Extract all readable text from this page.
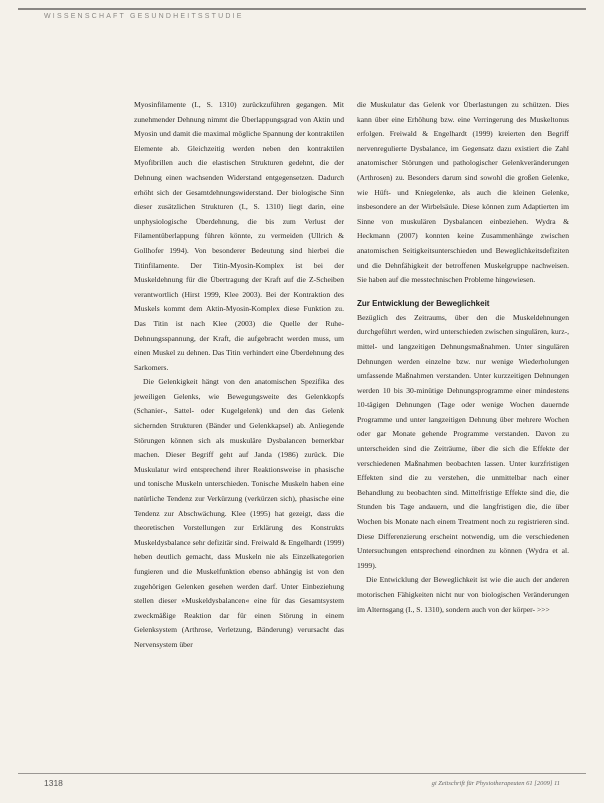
WISSENSCHAFT GESUNDHEITSSTUDIE

Myosinfilamente (I., S. 1310) zurückzuführen gegangen. Mit zunehmender Dehnung nimmt die Überlappungsgrad von Aktin und Myosin und damit die maximal mögliche Spannung der kontraktilen Elemente ab. Gleichzeitig werden neben den kontraktilen Myofibrillen auch die elastischen Strukturen gedehnt, die der Dehnung einen wachsenden Widerstand entgegensetzen. Dadurch erhöht sich der Gesamtdehnungswiderstand. Der biologische Sinn dieser zusätzlichen Strukturen (I., S. 1310) liegt darin, eine unphysiologische Überdehnung, die bis zum Verlust der Filamentüberlappung führen könnte, zu vermeiden (Ullrich & Gollhofer 1994). Von besonderer Bedeutung sind hierbei die Titinfilamente. Der Titin-Myosin-Komplex ist bei der Muskeldehnung für die Übertragung der Kraft auf die Z-Scheiben verantwortlich (Hirst 1999, Klee 2003). Bei der Kontraktion des Muskels kommt dem Aktin-Myosin-Komplex diese Funktion zu. Das Titin ist nach Klee (2003) die Quelle der Ruhe-Dehnungsspannung, der Kraft, die aufgebracht werden muss, um einen Muskel zu dehnen. Das Titin verhindert eine Überdehnung des Sarkomers.

Die Gelenkigkeit hängt von den anatomischen Spezifika des jeweiligen Gelenks, wie Bewegungsweite des Gelenkkopfs (Schanier-, Sattel- oder Kugelgelenk) und den das Gelenk sichernden Strukturen (Bänder und Gelenkkapsel) ab. Anliegende Störungen können sich als muskuläre Dysbalancen bemerkbar machen. Dieser Begriff geht auf Janda (1986) zurück. Die Muskulatur wird entsprechend ihrer Reaktionsweise in phasische und tonische Muskeln unterschieden. Tonische Muskeln haben eine natürliche Tendenz zur Verkürzung (verkürzen sich), phasische eine Tendenz zur Abschwächung. Klee (1995) hat gezeigt, dass die theoretischen Vorstellungen zur Erklärung des Konstrukts Muskeldysbalance sehr defizitär sind. Freiwald & Engelhardt (1999) heben deutlich gemacht, dass Muskeln nie als Einzelkategorien fungieren und die Muskelfunktion ebenso abhängig ist von den zugehörigen Gelenken gesehen werden darf. Unter Einbeziehung stellen dieser »Muskeldysbalancen« eine für das Gesamtsystem zweckmäßige Reaktion dar für einen Störung in einem Gelenksystem (Arthrose, Verletzung, Bänderung) verursacht das Nervensystem über

die Muskulatur das Gelenk vor Überlastungen zu schützen. Dies kann über eine Erhöhung bzw. eine Verringerung des Muskeltonus erfolgen. Freiwald & Engelhardt (1999) kreierten den Begriff nervenregulierte Dysbalance, im Gegensatz dazu existiert die Zahl anatomischer Störungen und pathologischer Gelenkveränderungen (Arthrosen) zu. Besonders darum sind sowohl die großen Gelenke, wie Hüft- und Kniegelenke, als auch die kleinen Gelenke, insbesondere an der Wirbelsäule. Diese können zum Adaptierten im Sinne von muskulären Dysbalancen einbeziehen. Wydra & Heckmann (2007) konnten keine Zusammenhänge zwischen anatomischen Seitigkeitsunterschieden und Beweglichkeitsdefiziten und die Dehnfähigkeit der betroffenen Muskelgruppe nachweisen. Sie haben auf die messtechnischen Probleme hingewiesen.

Zur Entwicklung der Beweglichkeit

Bezüglich des Zeitraums, über den die Muskeldehnungen durchgeführt werden, wird unterschieden zwischen singulären, kurz-, mittel- und langzeitigen Dehnungsmaßnahmen. Unter singulären Dehnungen werden einzelne bzw. nur wenige Wiederholungen umfassende Maßnahmen verstanden. Unter kurzzeitigen Dehnungen werden 10 bis 30-minütige Dehnungsprogramme einer mindestens 10-tägigen Dehnungen (Tage oder wenige Wochen dauernde Programme und unter langzeitigen Dehnung über mehrere Wochen oder gar Monate gehende Programme verstanden. Davon zu unterscheiden sind die Zeiträume, über die sich die Effekte der verschiedenen Maßnahmen beobachten lassen. Unter kurzfristigen Effekten sind die zu verstehen, die unmittelbar nach einer Behandlung zu beobachten sind. Mittelfristige Effekte sind die, die Stunden bis Tage andauern, und die langfristigen die, die über Wochen bis Monate nach einem Treatment noch zu registrieren sind. Diese Differenzierung erscheint notwendig, um die verschiedenen Untersuchungen entsprechend einordnen zu können (Wydra et al. 1999).

Die Entwicklung der Beweglichkeit ist wie die auch der anderen motorischen Fähigkeiten nicht nur von biologischen Veränderungen im Alternsgang (I., S. 1310), sondern auch von der körper- >>>

1318	gi Zeitschrift für Physiotherapeuten 61 [2009] 11
